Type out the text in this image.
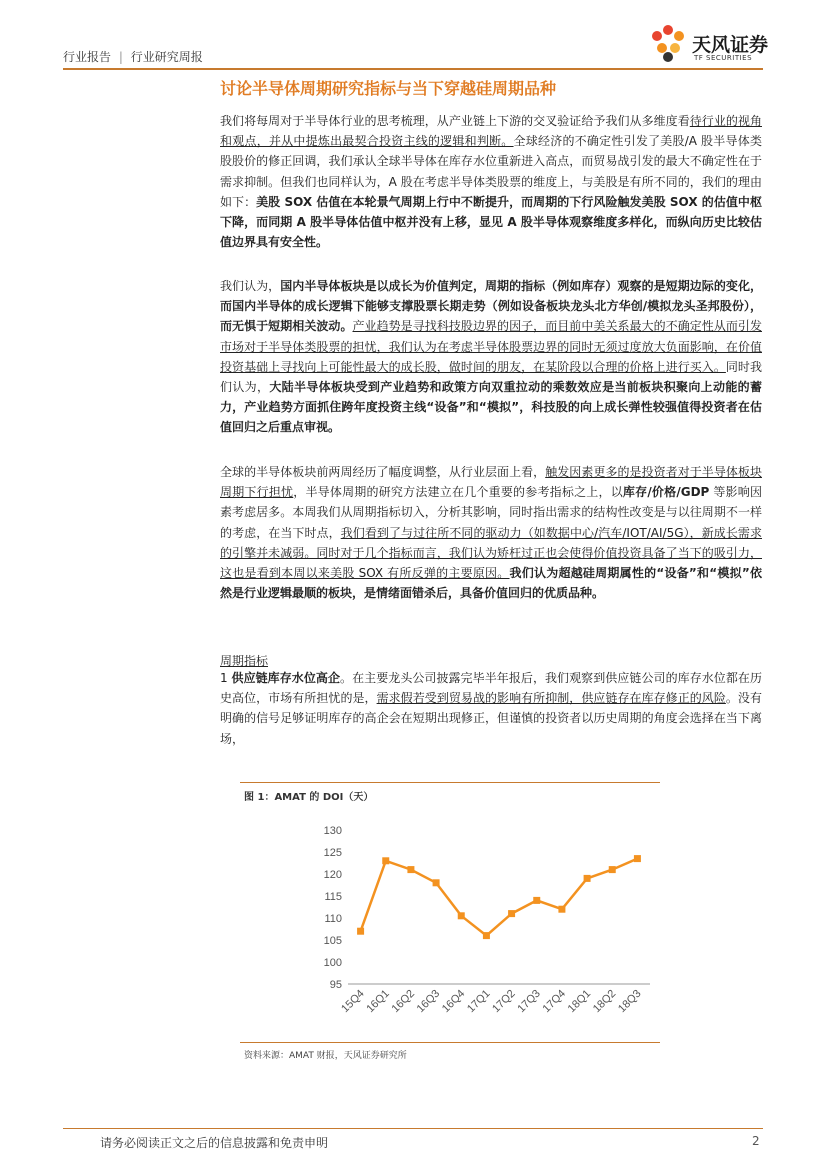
行业报告 | 行业研究周报
天风证券
TF SECURITIES
讨论半导体周期研究指标与当下穿越硅周期品种
我们将每周对于半导体行业的思考梳理，从产业链上下游的交叉验证给予我们从多维度看待行业的视角和观点，并从中提炼出最契合投资主线的逻辑和判断。全球经济的不确定性引发了美股/A 股半导体类股股价的修正回调，我们承认全球半导体在库存水位重新进入高点，而贸易战引发的最大不确定性在于需求抑制。但我们也同样认为，A 股在考虑半导体类股票的维度上，与美股是有所不同的，我们的理由如下：美股 SOX 估值在本轮景气周期上行中不断提升，而周期的下行风险触发美股 SOX 的估值中枢下降，而同期 A 股半导体估值中枢并没有上移，显见 A 股半导体观察维度多样化，而纵向历史比较估值边界具有安全性。
我们认为，国内半导体板块是以成长为价值判定，周期的指标（例如库存）观察的是短期边际的变化，而国内半导体的成长逻辑下能够支撑股票长期走势（例如设备板块龙头北方华创/模拟龙头圣邦股份），而无惧于短期相关波动。产业趋势是寻找科技股边界的因子，而目前中美关系最大的不确定性从而引发市场对于半导体类股票的担忧，我们认为在考虑半导体股票边界的同时无须过度放大负面影响，在价值投资基础上寻找向上可能性最大的成长股，做时间的朋友，在某阶段以合理的价格上进行买入。同时我们认为，大陆半导体板块受到产业趋势和政策方向双重拉动的乘数效应是当前板块积聚向上动能的蓄力，产业趋势方面抓住跨年度投资主线“设备”和“模拟”，科技股的向上成长弹性较强值得投资者在估值回归之后重点审视。
全球的半导体板块前两周经历了幅度调整，从行业层面上看，触发因素更多的是投资者对于半导体板块周期下行担忧，半导体周期的研究方法建立在几个重要的参考指标之上，以库存/价格/GDP 等影响因素考虑居多。本周我们从周期指标切入，分析其影响，同时指出需求的结构性改变是与以往周期不一样的考虑，在当下时点，我们看到了与过往所不同的驱动力（如数据中心/汽车/IOT/AI/5G），新成长需求的引擎并未减弱。同时对于几个指标而言，我们认为矫枉过正也会使得价值投资具备了当下的吸引力，这也是看到本周以来美股 SOX 有所反弹的主要原因。我们认为超越硅周期属性的“设备”和“模拟”依然是行业逻辑最顺的板块，是情绪面错杀后，具备价值回归的优质品种。
周期指标
1 供应链库存水位高企。在主要龙头公司披露完毕半年报后，我们观察到供应链公司的库存水位都在历史高位，市场有所担忧的是，需求假若受到贸易战的影响有所抑制，供应链存在库存修正的风险。没有明确的信号足够证明库存的高企会在短期出现修正，但谨慎的投资者以历史周期的角度会选择在当下离场，
图 1：AMAT 的 DOI（天）
95
100
105
110
115
120
125
130
15Q4
16Q1
16Q2
16Q3
16Q4
17Q1
17Q2
17Q3
17Q4
18Q1
18Q2
18Q3
资料来源：AMAT 财报，天风证券研究所
请务必阅读正文之后的信息披露和免责申明	2
